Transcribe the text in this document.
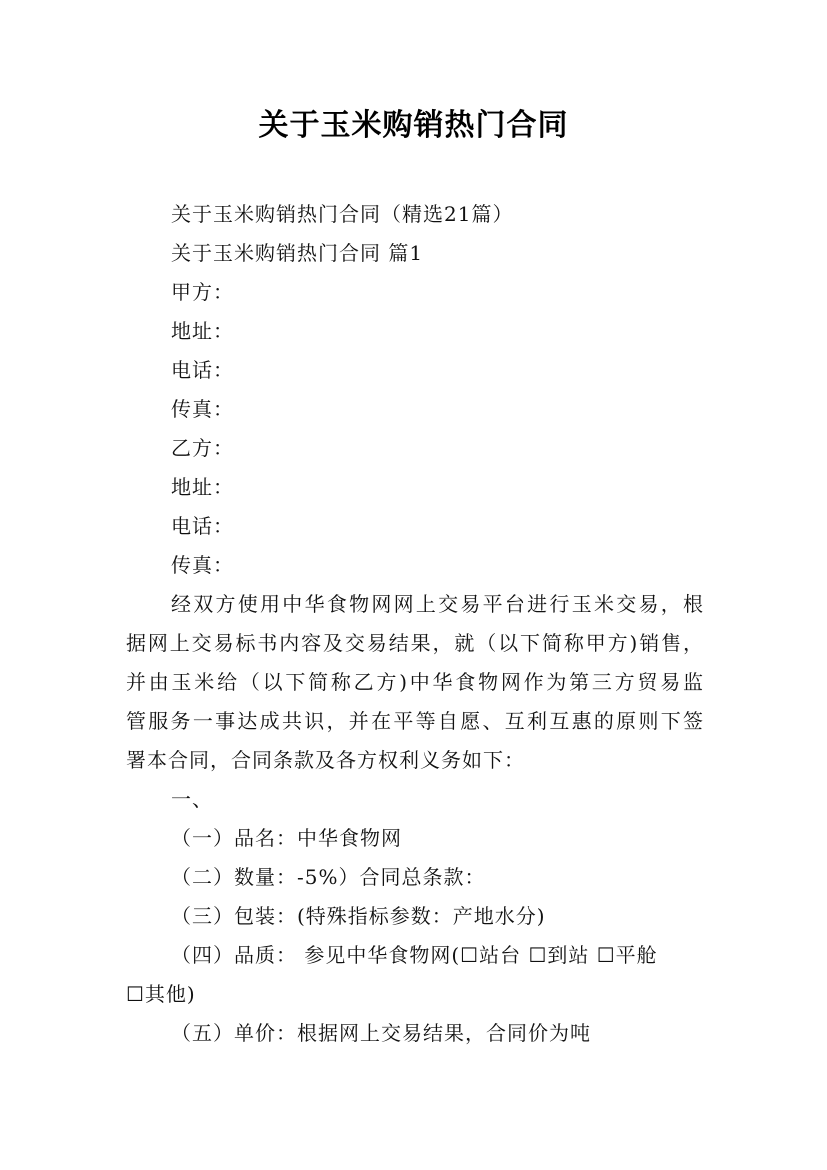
关于玉米购销热门合同
关于玉米购销热门合同（精选21篇）
关于玉米购销热门合同 篇1
甲方：
地址：
电话：
传真：
乙方：
地址：
电话：
传真：
经双方使用中华食物网网上交易平台进行玉米交易，根
据网上交易标书内容及交易结果，就（以下简称甲方)销售，
并由玉米给（以下简称乙方)中华食物网作为第三方贸易监
管服务一事达成共识，并在平等自愿、互利互惠的原则下签
署本合同，合同条款及各方权利义务如下：
一、
（一）品名：中华食物网
（二）数量：-5%）合同总条款：
（三）包装：(特殊指标参数：产地水分)
（四）品质： 参见中华食物网(☐站台 ☐到站 ☐平舱
☐其他)
（五）单价：根据网上交易结果，合同价为吨
